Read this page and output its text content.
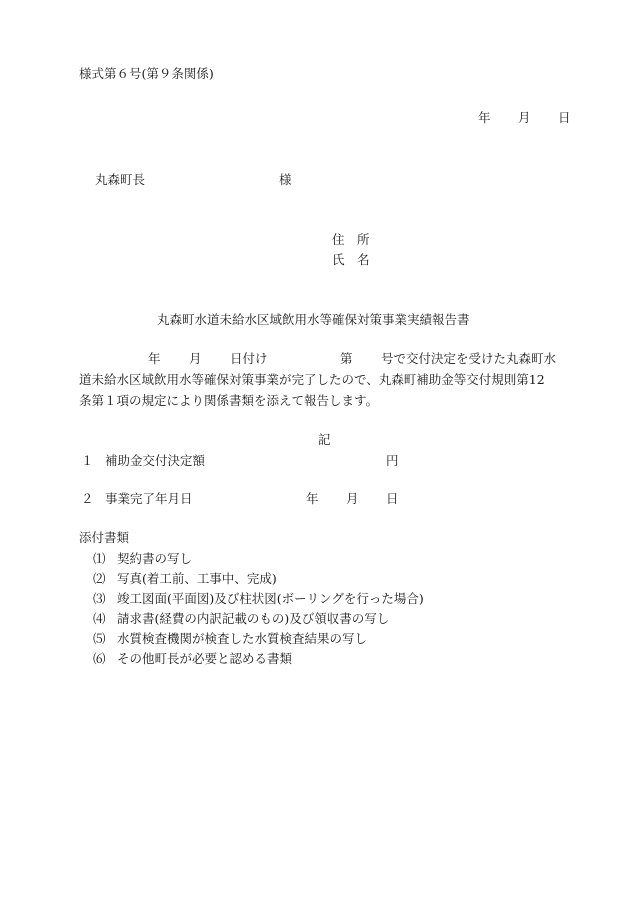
様式第６号(第９条関係)
年 月 日
丸森町長	様
住　所
氏　名
丸森町水道未給水区域飲用水等確保対策事業実績報告書
年 月 日付け	第 号で交付決定を受けた丸森町水
道未給水区域飲用水等確保対策事業が完了したので、丸森町補助金等交付規則第12
条第１項の規定により関係書類を添えて報告します。
記
１ 補助金交付決定額	円
２ 事業完了年月日	年 月 日
添付書類
⑴ 契約書の写し
⑵ 写真(着工前、工事中、完成)
⑶ 竣工図面(平面図)及び柱状図(ボーリングを行った場合)
⑷ 請求書(経費の内訳記載のもの)及び領収書の写し
⑸ 水質検査機関が検査した水質検査結果の写し
⑹ その他町長が必要と認める書類
